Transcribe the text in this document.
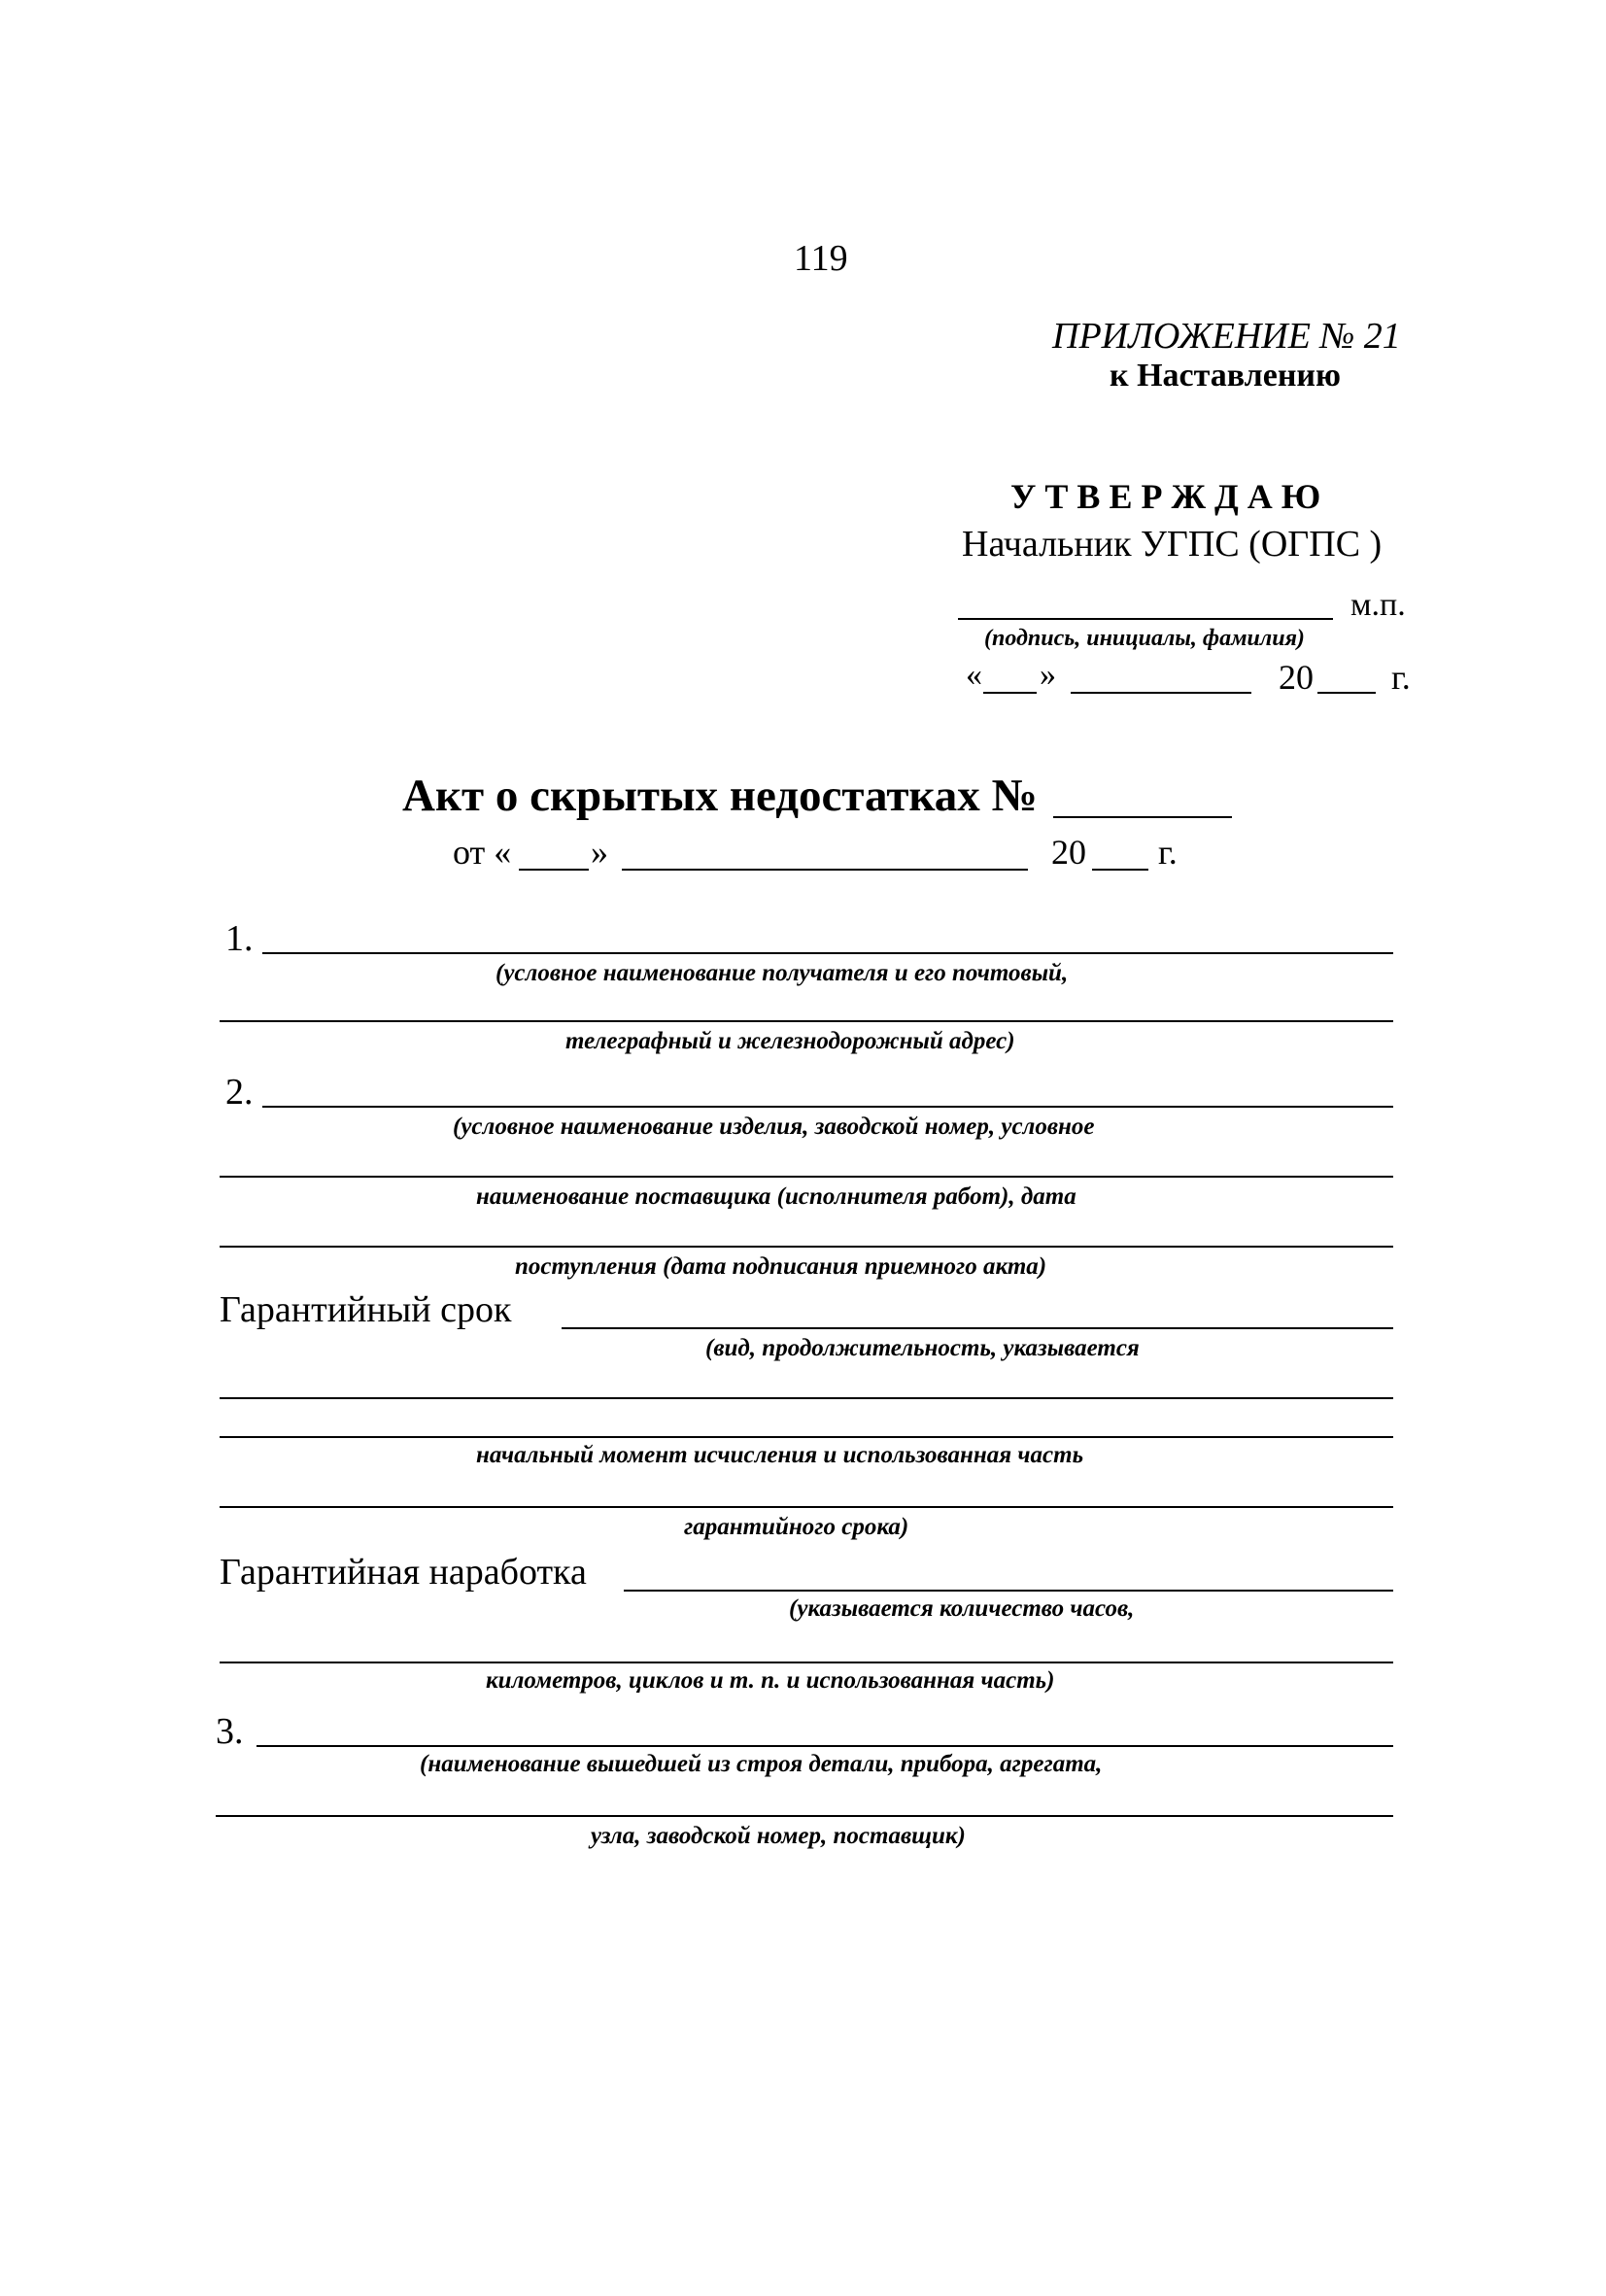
119
ПРИЛОЖЕНИЕ № 21
к Наставлению
У Т В Е Р Ж Д А Ю
Начальник УГПС (ОГПС )
м.п.
(подпись, инициалы, фамилия)
« »	20 г.
Акт о скрытых недостатках №
от « »	20 г.
1.
(условное наименование получателя и его почтовый,
телеграфный и железнодорожный адрес)
2.
(условное наименование изделия, заводской номер, условное
наименование поставщика (исполнителя работ), дата
поступления (дата подписания приемного акта)
Гарантийный срок
(вид, продолжительность, указывается
начальный момент исчисления и использованная часть
гарантийного срока)
Гарантийная наработка
(указывается количество часов,
километров, циклов и т. п. и использованная часть)
3.
(наименование вышедшей из строя детали, прибора, агрегата,
узла, заводской номер, поставщик)
